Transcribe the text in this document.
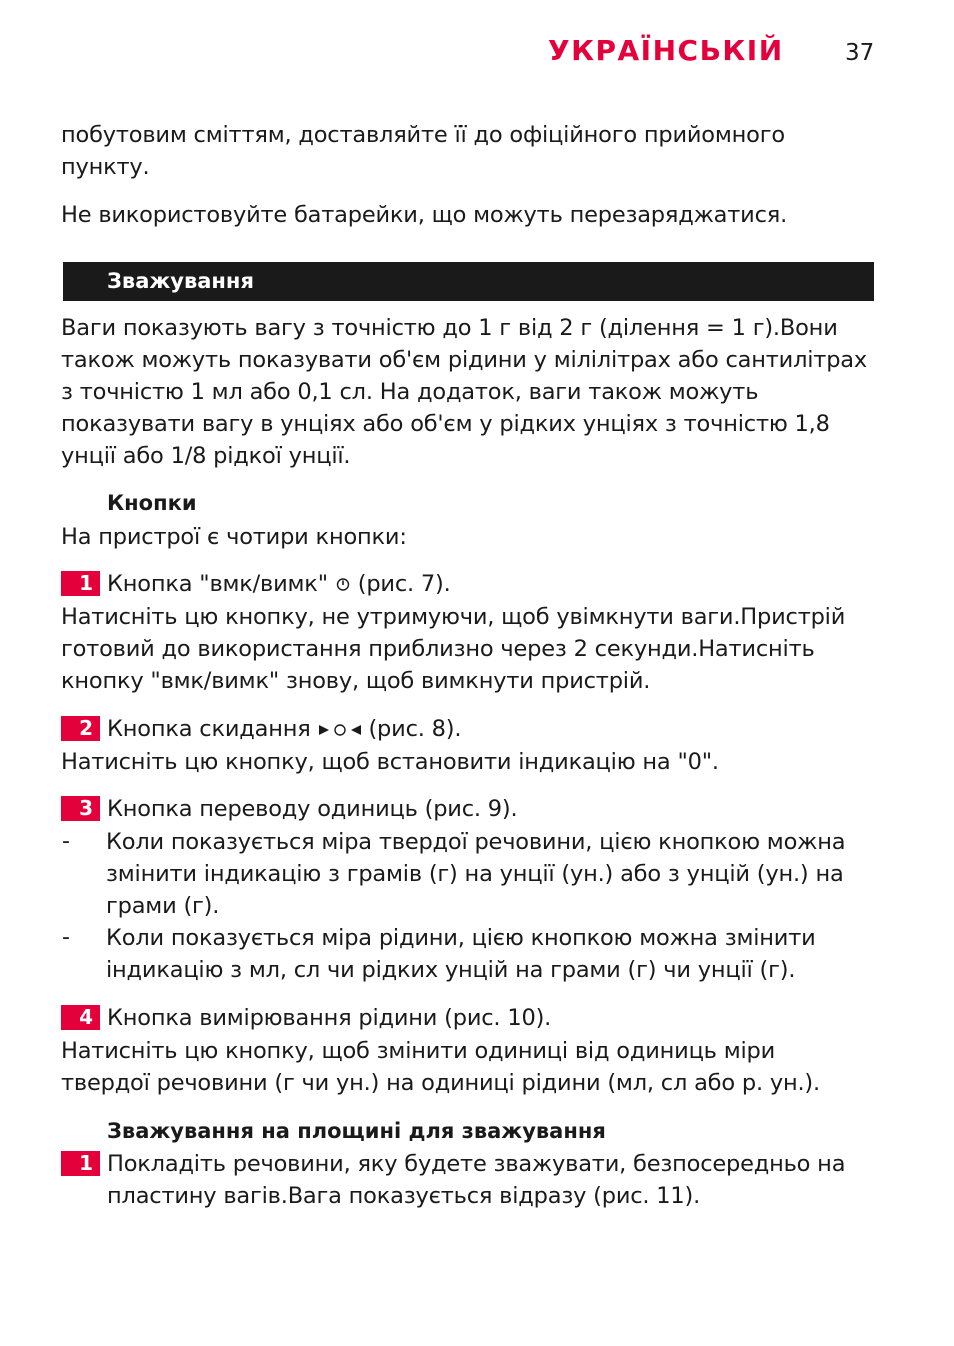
УКРАЇНСЬКІЙ	37
побутовим сміттям, доставляйте її до офіційного прийомного
пункту.
Не використовуйте батарейки, що можуть перезаряджатися.
Зважування
Ваги показують вагу з точністю до 1 г від 2 г (ділення = 1 г).Вони
також можуть показувати об'єм рідини у мілілітрах або сантилітрах
з точністю 1 мл або 0,1 сл. На додаток, ваги також можуть
показувати вагу в унціях або об'єм у рідких унціях з точністю 1,8
унції або 1/8 рідкої унції.
Кнопки
На пристрої є чотири кнопки:
1 Кнопка "вмк/вимк" (рис. 7).
Натисніть цю кнопку, не утримуючи, щоб увімкнути ваги.Пристрій
готовий до використання приблизно через 2 секунди.Натисніть
кнопку "вмк/вимк" знову, щоб вимкнути пристрій.
2 Кнопка скидання	(рис. 8).
Натисніть цю кнопку, щоб встановити індикацію на "0".
3 Кнопка переводу одиниць (рис. 9).
- Коли показується міра твердої речовини, цією кнопкою можна
змінити індикацію з грамів (г) на унції (ун.) або з унцій (ун.) на
грами (г).
- Коли показується міра рідини, цією кнопкою можна змінити
індикацію з мл, сл чи рідких унцій на грами (г) чи унції (г).
4 Кнопка вимірювання рідини (рис. 10).
Натисніть цю кнопку, щоб змінити одиниці від одиниць міри
твердої речовини (г чи ун.) на одиниці рідини (мл, сл або р. ун.).
Зважування на площині для зважування
1 Покладіть речовини, яку будете зважувати, безпосередньо на
пластину вагів.Вага показується відразу (рис. 11).
